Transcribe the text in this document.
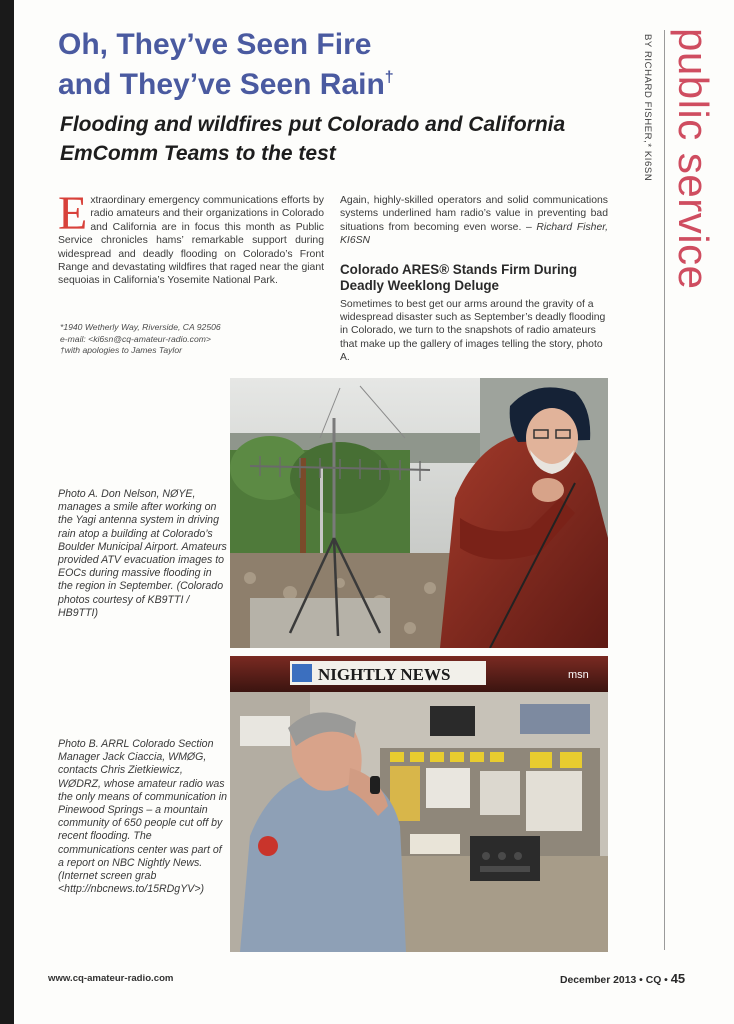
Oh, They’ve Seen Fire
and They’ve Seen Rain†
Flooding and wildfires put Colorado and California EmComm Teams to the test
Extraordinary emergency communications efforts by radio amateurs and their organizations in Colorado and California are in focus this month as Public Service chronicles hams’ remarkable support during widespread and deadly flooding on Colorado’s Front Range and devastating wildfires that raged near the giant sequoias in California’s Yosemite National Park.
*1940 Wetherly Way, Riverside, CA 92506
e-mail: <ki6sn@cq-amateur-radio.com>
†with apologies to James Taylor
Again, highly-skilled operators and solid communications systems underlined ham radio’s value in preventing bad situations from becoming even worse. – Richard Fisher, KI6SN
Colorado ARES® Stands Firm During Deadly Weeklong Deluge
Sometimes to best get our arms around the gravity of a widespread disaster such as September’s deadly flooding in Colorado, we turn to the snapshots of radio amateurs that make up the gallery of images telling the story, photo A.
BY RICHARD FISHER,* KI6SN public service
Photo A. Don Nelson, NØYE, manages a smile after working on the Yagi antenna system in driving rain atop a building at Colorado’s Boulder Municipal Airport. Amateurs provided ATV evacuation images to EOCs during massive flooding in the region in September. (Colorado photos courtesy of KB9TTI / HB9TTI)
Photo B. ARRL Colorado Section Manager Jack Ciaccia, WMØG, contacts Chris Zietkiewicz, WØDRZ, whose amateur radio was the only means of communication in Pinewood Springs – a mountain community of 650 people cut off by recent flooding. The communications center was part of a report on NBC Nightly News. (Internet screen grab <http://nbcnews.to/15RDgYV>)
NIGHTLY NEWS	msn
www.cq-amateur-radio.com	December 2013 • CQ • 45
